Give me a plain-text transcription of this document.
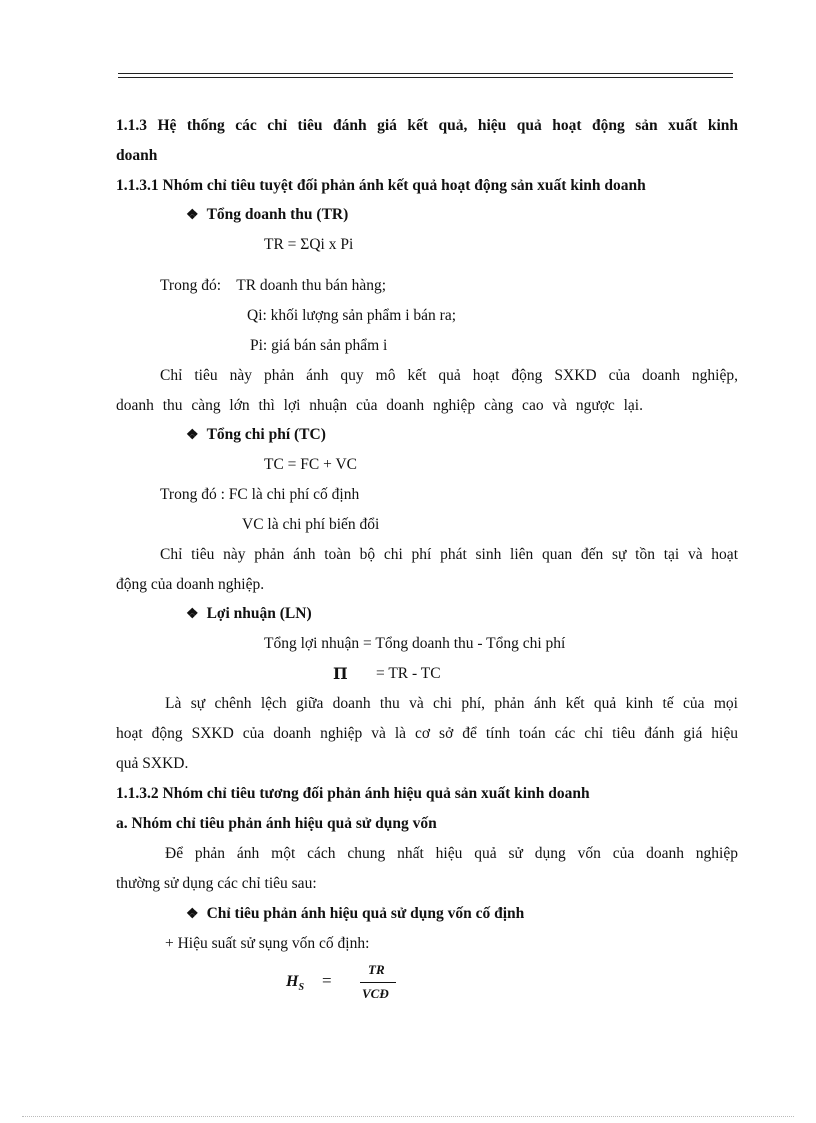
1.1.3 Hệ thống các chỉ tiêu đánh giá kết quả, hiệu quả hoạt động sản xuất kinh
doanh
1.1.3.1 Nhóm chỉ tiêu tuyệt đối phản ánh kết quả hoạt động sản xuất kinh doanh
❖ Tổng doanh thu (TR)
TR = ΣQi x Pi
Trong đó:    TR doanh thu bán hàng;
Qi: khối lượng sản phẩm i bán ra;
Pi: giá bán sản phẩm i
Chỉ tiêu này phản ánh quy mô kết quả hoạt động SXKD của doanh nghiệp,
doanh thu càng lớn thì lợi nhuận của doanh nghiệp càng cao và ngược lại.
❖ Tổng chi phí (TC)
TC = FC + VC
Trong đó : FC là chi phí cố định
VC là chi phí biến đổi
Chỉ tiêu này phản ánh toàn bộ chi phí phát sinh liên quan đến sự tồn tại và hoạt
động của doanh nghiệp.
❖ Lợi nhuận (LN)
Tổng lợi nhuận = Tổng doanh thu - Tổng chi phí
Π = TR - TC
Là sự chênh lệch giữa doanh thu và chi phí, phản ánh kết quả kinh tế của mọi
hoạt động SXKD của doanh nghiệp và là cơ sở để tính toán các chỉ tiêu đánh giá hiệu
quả SXKD.
1.1.3.2 Nhóm chỉ tiêu tương đối phản ánh hiệu quả sản xuất kinh doanh
a. Nhóm chỉ tiêu phản ánh hiệu quả sử dụng vốn
Để phản ánh một cách chung nhất hiệu quả sử dụng vốn của doanh nghiệp
thường sử dụng các chỉ tiêu sau:
❖ Chỉ tiêu phản ánh hiệu quả sử dụng vốn cố định
+ Hiệu suất sử sụng vốn cố định:
$H_S$ =
TR
VCĐ
